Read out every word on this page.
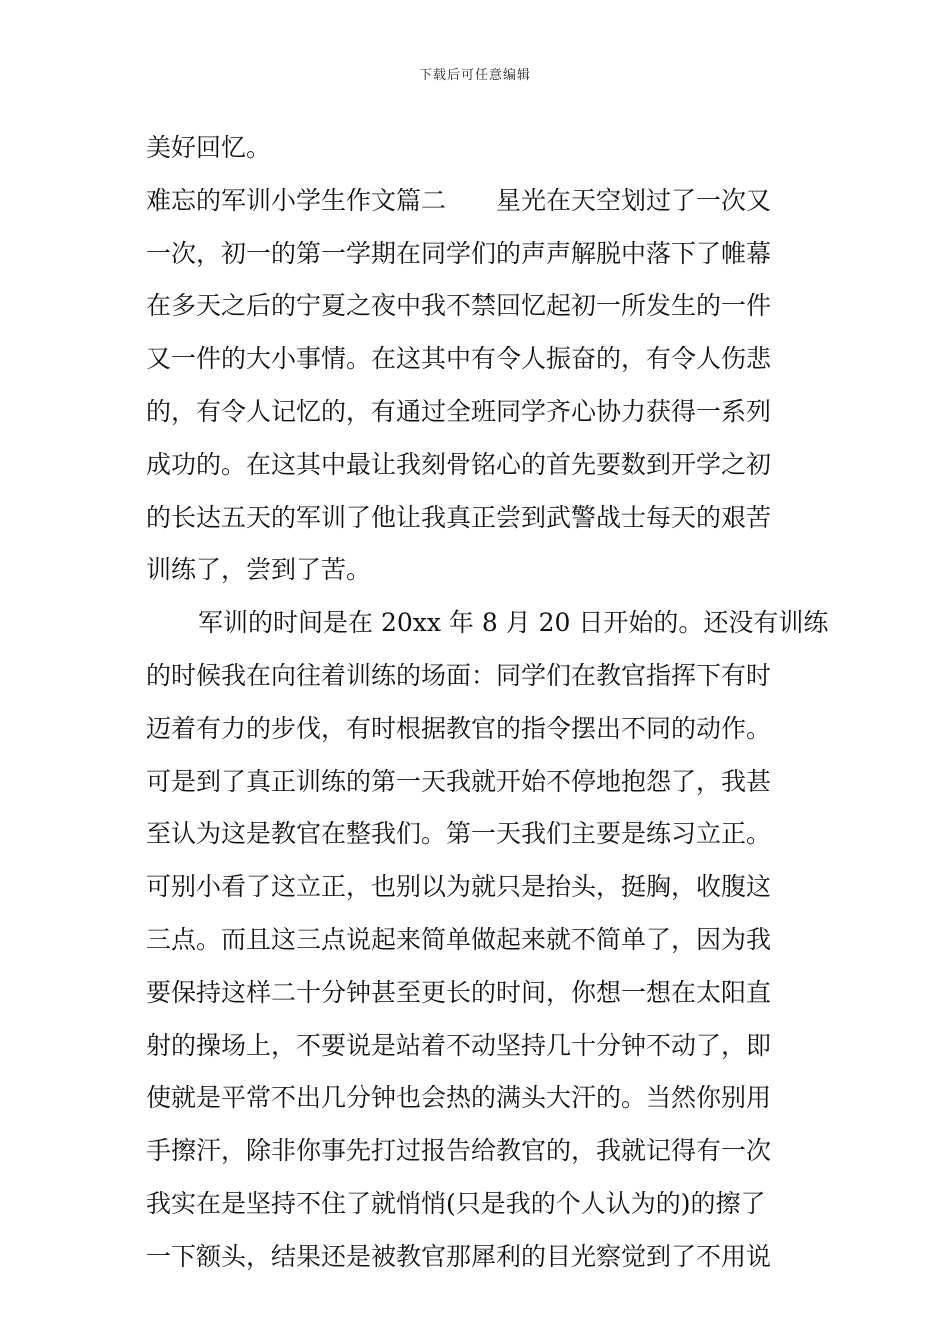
下载后可任意编辑
美好回忆。
难忘的军训小学生作文篇二 星光在天空划过了一次又
一次，初一的第一学期在同学们的声声解脱中落下了帷幕
在多天之后的宁夏之夜中我不禁回忆起初一所发生的一件
又一件的大小事情。在这其中有令人振奋的，有令人伤悲
的，有令人记忆的，有通过全班同学齐心协力获得一系列
成功的。在这其中最让我刻骨铭心的首先要数到开学之初
的长达五天的军训了他让我真正尝到武警战士每天的艰苦
训练了，尝到了苦。
军训的时间是在 20xx 年 8 月 20 日开始的。还没有训练
的时候我在向往着训练的场面：同学们在教官指挥下有时
迈着有力的步伐，有时根据教官的指令摆出不同的动作。
可是到了真正训练的第一天我就开始不停地抱怨了，我甚
至认为这是教官在整我们。第一天我们主要是练习立正。
可别小看了这立正，也别以为就只是抬头，挺胸，收腹这
三点。而且这三点说起来简单做起来就不简单了，因为我
要保持这样二十分钟甚至更长的时间，你想一想在太阳直
射的操场上，不要说是站着不动坚持几十分钟不动了，即
使就是平常不出几分钟也会热的满头大汗的。当然你别用
手擦汗，除非你事先打过报告给教官的，我就记得有一次
我实在是坚持不住了就悄悄(只是我的个人认为的)的擦了
一下额头，结果还是被教官那犀利的目光察觉到了不用说
